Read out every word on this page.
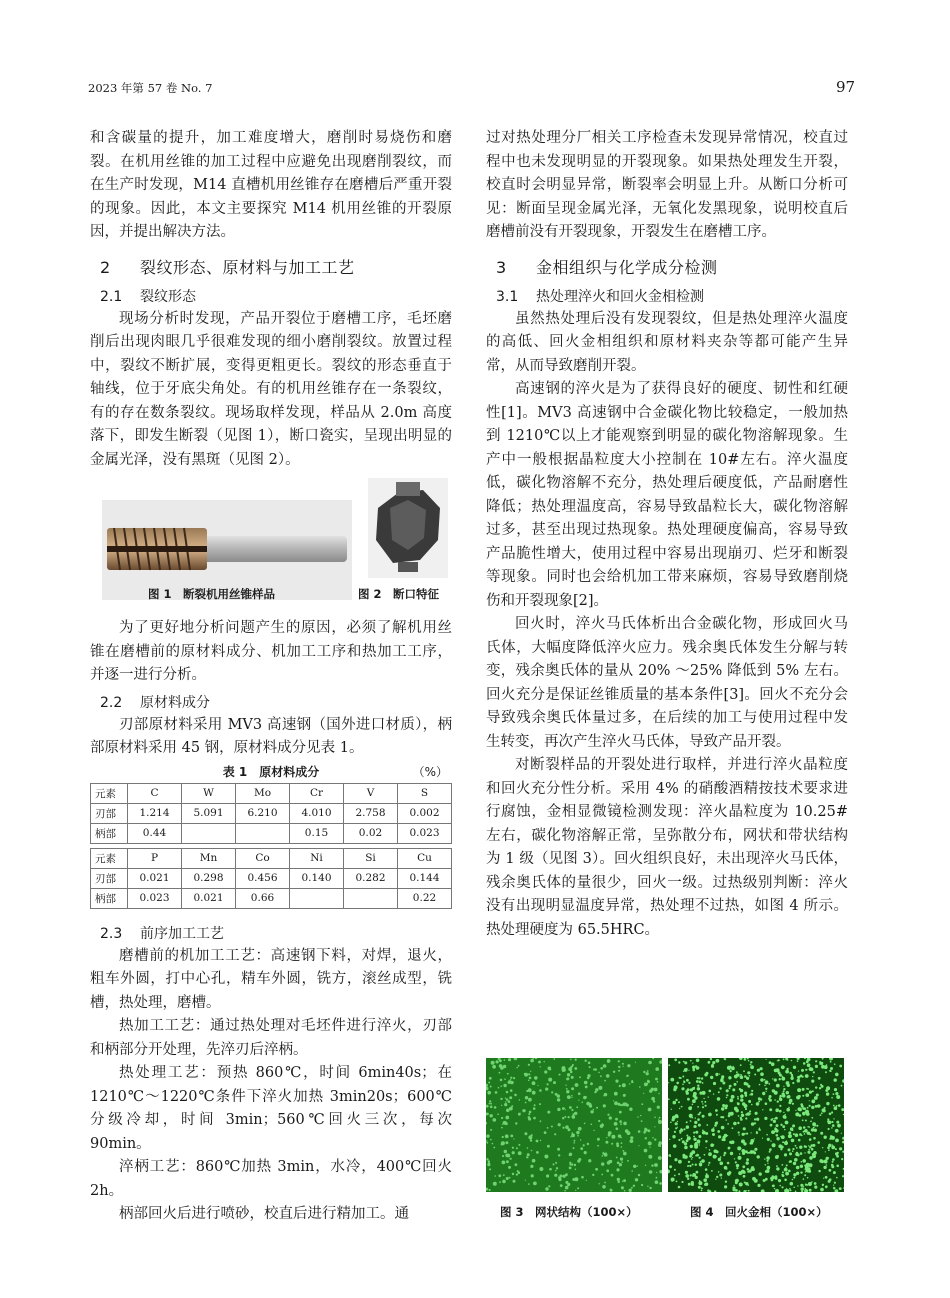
2023 年第 57 卷 No. 7	97

和含碳量的提升，加工难度增大，磨削时易烧伤和磨裂。在机用丝锥的加工过程中应避免出现磨削裂纹，而在生产时发现，M14 直槽机用丝锥存在磨槽后严重开裂的现象。因此，本文主要探究 M14 机用丝锥的开裂原因，并提出解决方法。

2 裂纹形态、原材料与加工工艺
2.1 裂纹形态

现场分析时发现，产品开裂位于磨槽工序，毛坯磨削后出现肉眼几乎很难发现的细小磨削裂纹。放置过程中，裂纹不断扩展，变得更粗更长。裂纹的形态垂直于轴线，位于牙底尖角处。有的机用丝锥存在一条裂纹，有的存在数条裂纹。现场取样发现，样品从 2.0m 高度落下，即发生断裂（见图 1），断口瓷实，呈现出明显的金属光泽，没有黑斑（见图 2）。

图 1　断裂机用丝锥样品	图 2　断口特征

为了更好地分析问题产生的原因，必须了解机用丝锥在磨槽前的原材料成分、机加工工序和热加工工序，并逐一进行分析。

2.2 原材料成分

刃部原材料采用 MV3 高速钢（国外进口材质），柄部原材料采用 45 钢，原材料成分见表 1。

表 1　原材料成分	（%）
元素	C	W	Mo	Cr	V	S
刃部	1.214	5.091	6.210	4.010	2.758	0.002
柄部	0.44			0.15	0.02	0.023
元素	P	Mn	Co	Ni	Si	Cu
刃部	0.021	0.298	0.456	0.140	0.282	0.144
柄部	0.023	0.021	0.66			0.22
2.3 前序加工工艺

磨槽前的机加工工艺：高速钢下料，对焊，退火，粗车外圆，打中心孔，精车外圆，铣方，滚丝成型，铣槽，热处理，磨槽。

热加工工艺：通过热处理对毛坯件进行淬火，刃部和柄部分开处理，先淬刃后淬柄。

热处理工艺：预热 860℃，时间 6min40s；在 1210℃～1220℃条件下淬火加热 3min20s；600℃分级冷却，时间 3min；560℃回火三次，每次 90min。

淬柄工艺：860℃加热 3min，水冷，400℃回火 2h。

柄部回火后进行喷砂，校直后进行精加工。通

过对热处理分厂相关工序检查未发现异常情况，校直过程中也未发现明显的开裂现象。如果热处理发生开裂，校直时会明显异常，断裂率会明显上升。从断口分析可见：断面呈现金属光泽，无氧化发黑现象，说明校直后磨槽前没有开裂现象，开裂发生在磨槽工序。

3 金相组织与化学成分检测
3.1 热处理淬火和回火金相检测

虽然热处理后没有发现裂纹，但是热处理淬火温度的高低、回火金相组织和原材料夹杂等都可能产生异常，从而导致磨削开裂。

高速钢的淬火是为了获得良好的硬度、韧性和红硬性[1]。MV3 高速钢中合金碳化物比较稳定，一般加热到 1210℃以上才能观察到明显的碳化物溶解现象。生产中一般根据晶粒度大小控制在 10#左右。淬火温度低，碳化物溶解不充分，热处理后硬度低，产品耐磨性降低；热处理温度高，容易导致晶粒长大，碳化物溶解过多，甚至出现过热现象。热处理硬度偏高，容易导致产品脆性增大，使用过程中容易出现崩刃、烂牙和断裂等现象。同时也会给机加工带来麻烦，容易导致磨削烧伤和开裂现象[2]。

回火时，淬火马氏体析出合金碳化物，形成回火马氏体，大幅度降低淬火应力。残余奥氏体发生分解与转变，残余奥氏体的量从 20% ～25% 降低到 5% 左右。回火充分是保证丝锥质量的基本条件[3]。回火不充分会导致残余奥氏体量过多，在后续的加工与使用过程中发生转变，再次产生淬火马氏体，导致产品开裂。

对断裂样品的开裂处进行取样，并进行淬火晶粒度和回火充分性分析。采用 4% 的硝酸酒精按技术要求进行腐蚀，金相显微镜检测发现：淬火晶粒度为 10.25#左右，碳化物溶解正常，呈弥散分布，网状和带状结构为 1 级（见图 3）。回火组织良好，未出现淬火马氏体，残余奥氏体的量很少，回火一级。过热级别判断：淬火没有出现明显温度异常，热处理不过热，如图 4 所示。热处理硬度为 65.5HRC。

图 3　网状结构（100×）	图 4　回火金相（100×）
